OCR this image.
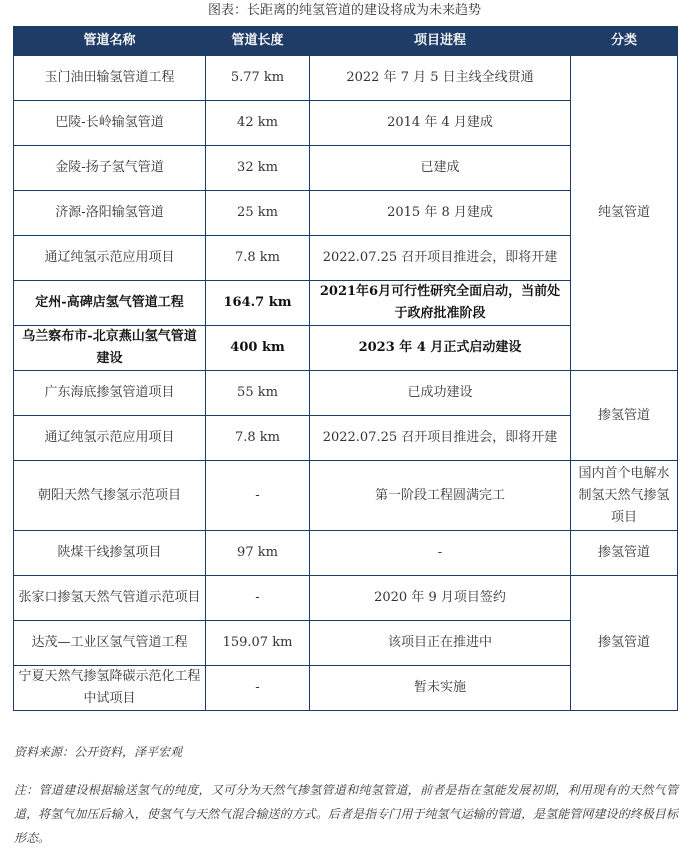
图表：长距离的纯氢管道的建设将成为未来趋势
管道名称	管道长度	项目进程	分类
玉门油田输氢管道工程	5.77 km	2022 年 7 月 5 日主线全线贯通	纯氢管道
巴陵-长岭输氢管道	42 km	2014 年 4 月建成	
金陵-扬子氢气管道	32 km	已建成	
济源-洛阳输氢管道	25 km	2015 年 8 月建成	
通辽纯氢示范应用项目	7.8 km	2022.07.25 召开项目推进会，即将开建	
定州-高碑店氢气管道工程	164.7 km	2021年6月可行性研究全面启动，当前处于政府批准阶段	
乌兰察布市-北京燕山氢气管道建设	400 km	2023 年 4 月正式启动建设	
广东海底掺氢管道项目	55 km	已成功建设	掺氢管道
通辽纯氢示范应用项目	7.8 km	2022.07.25 召开项目推进会，即将开建	
朝阳天然气掺氢示范项目	-	第一阶段工程圆满完工	国内首个电解水制氢天然气掺氢项目
陕煤干线掺氢项目	97 km	-	掺氢管道
张家口掺氢天然气管道示范项目	-	2020 年 9 月项目签约	掺氢管道
达茂—工业区氢气管道工程	159.07 km	该项目正在推进中	
宁夏天然气掺氢降碳示范化工程中试项目	-	暂未实施	
资料来源：公开资料，泽平宏观
注：管道建设根据输送氢气的纯度，又可分为天然气掺氢管道和纯氢管道，前者是指在氢能发展初期，利用现有的天然气管道，将氢气加压后输入，使氢气与天然气混合输送的方式。后者是指专门用于纯氢气运输的管道，是氢能管网建设的终极目标形态。
